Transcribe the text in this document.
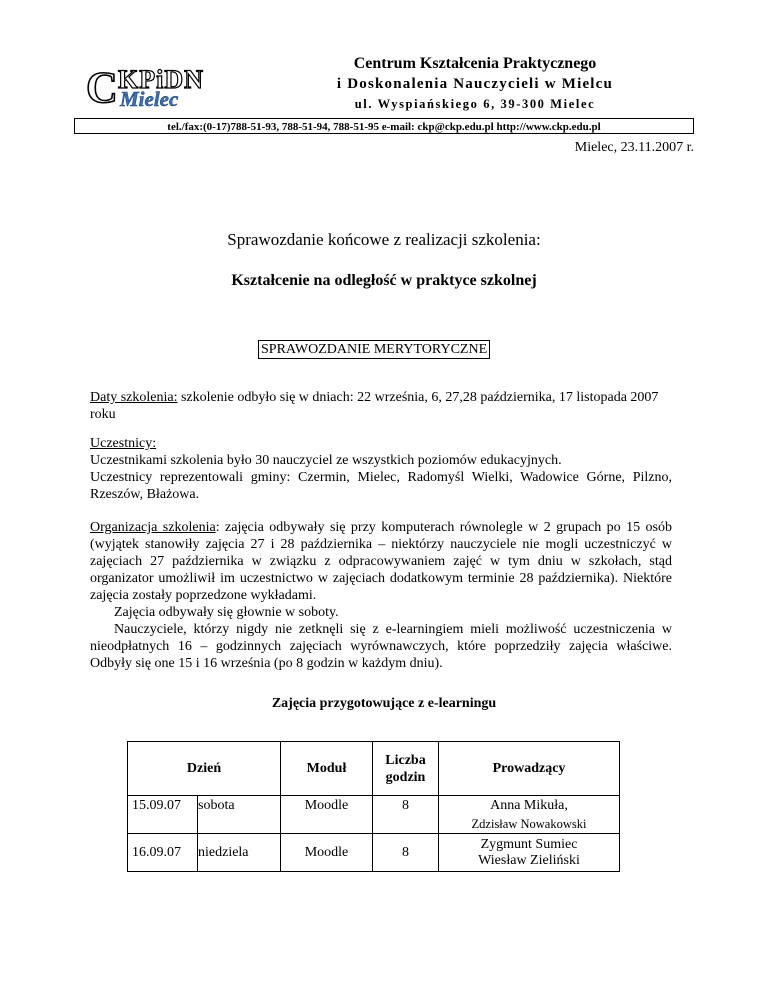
C KPiDN
Mielec
Centrum Kształcenia Praktycznego
i Doskonalenia Nauczycieli w Mielcu
ul. Wyspiańskiego 6, 39-300 Mielec
tel./fax:(0-17)788-51-93, 788-51-94, 788-51-95 e-mail: ckp@ckp.edu.pl http://www.ckp.edu.pl
Mielec, 23.11.2007 r.
Sprawozdanie końcowe z realizacji szkolenia:
Kształcenie na odległość w praktyce szkolnej
SPRAWOZDANIE MERYTORYCZNE
Daty szkolenia: szkolenie odbyło się w dniach: 22 września, 6, 27,28 października, 17 listopada 2007 roku
Uczestnicy:
Uczestnikami szkolenia było 30 nauczyciel ze wszystkich poziomów edukacyjnych.
Uczestnicy reprezentowali gminy: Czermin, Mielec, Radomyśl Wielki, Wadowice Górne, Pilzno, Rzeszów, Błażowa.
Organizacja szkolenia: zajęcia odbywały się przy komputerach równolegle w 2 grupach po 15 osób (wyjątek stanowiły zajęcia 27 i 28 października – niektórzy nauczyciele nie mogli uczestniczyć w zajęciach 27 października w związku z odpracowywaniem zajęć w tym dniu w szkołach, stąd organizator umożliwił im uczestnictwo w zajęciach dodatkowym terminie 28 października). Niektóre zajęcia zostały poprzedzone wykładami.
Zajęcia odbywały się głownie w soboty.
Nauczyciele, którzy nigdy nie zetknęli się z e-learningiem mieli możliwość uczestniczenia w nieodpłatnych 16 – godzinnych zajęciach wyrównawczych, które poprzedziły zajęcia właściwe. Odbyły się one 15 i 16 września (po 8 godzin w każdym dniu).
Zajęcia przygotowujące z e-learningu
Dzień		Moduł	Liczba godzin	Prowadzący
15.09.07	sobota	Moodle	8	Anna Mikuła,
Zdzisław Nowakowski

16.09.07	niedziela	Moodle	8	Zygmunt Sumiec
Wiesław Zieliński
